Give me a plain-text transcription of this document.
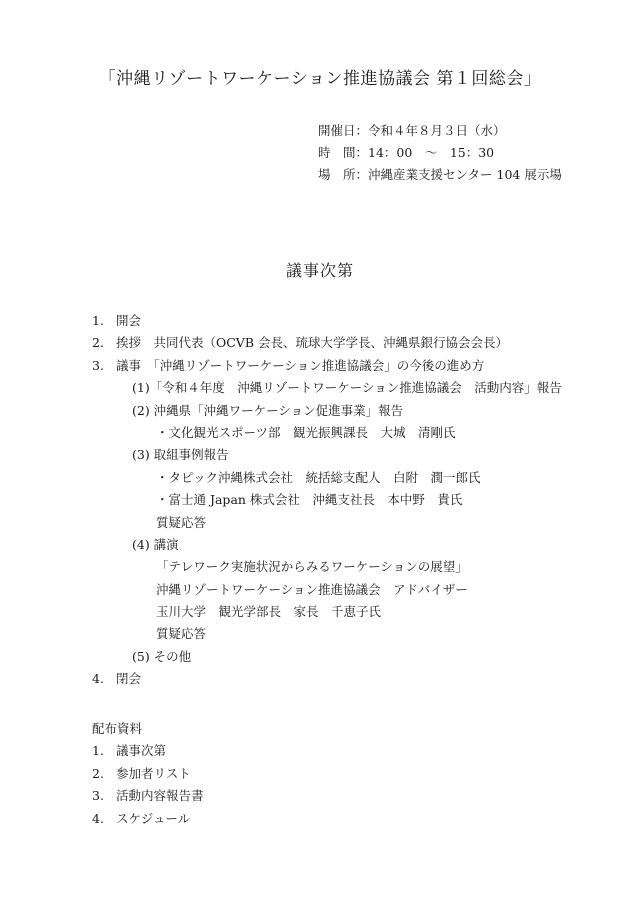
「沖縄リゾートワーケーション推進協議会 第１回総会」
開催日：令和４年８月３日（水）
時　間：14：00　～　15：30
場　所：沖縄産業支援センター 104 展示場
議事次第
1. 開会
2. 挨拶　共同代表（OCVB 会長、琉球大学学長、沖縄県銀行協会会長）
3. 議事　「沖縄リゾートワーケーション推進協議会」の今後の進め方
(1)「令和４年度　沖縄リゾートワーケーション推進協議会　活動内容」報告
(2) 沖縄県「沖縄ワーケーション促進事業」報告
・文化観光スポーツ部　観光振興課長　大城　清剛氏
(3) 取組事例報告
・タピック沖縄株式会社　統括総支配人　白附　潤一郎氏
・富士通 Japan 株式会社　沖縄支社長　本中野　貴氏
質疑応答
(4) 講演
「テレワーク実施状況からみるワーケーションの展望」
沖縄リゾートワーケーション推進協議会　アドバイザー
玉川大学　観光学部長　家長　千恵子氏
質疑応答
(5) その他
4. 閉会
配布資料
1. 議事次第
2. 参加者リスト
3. 活動内容報告書
4. スケジュール
